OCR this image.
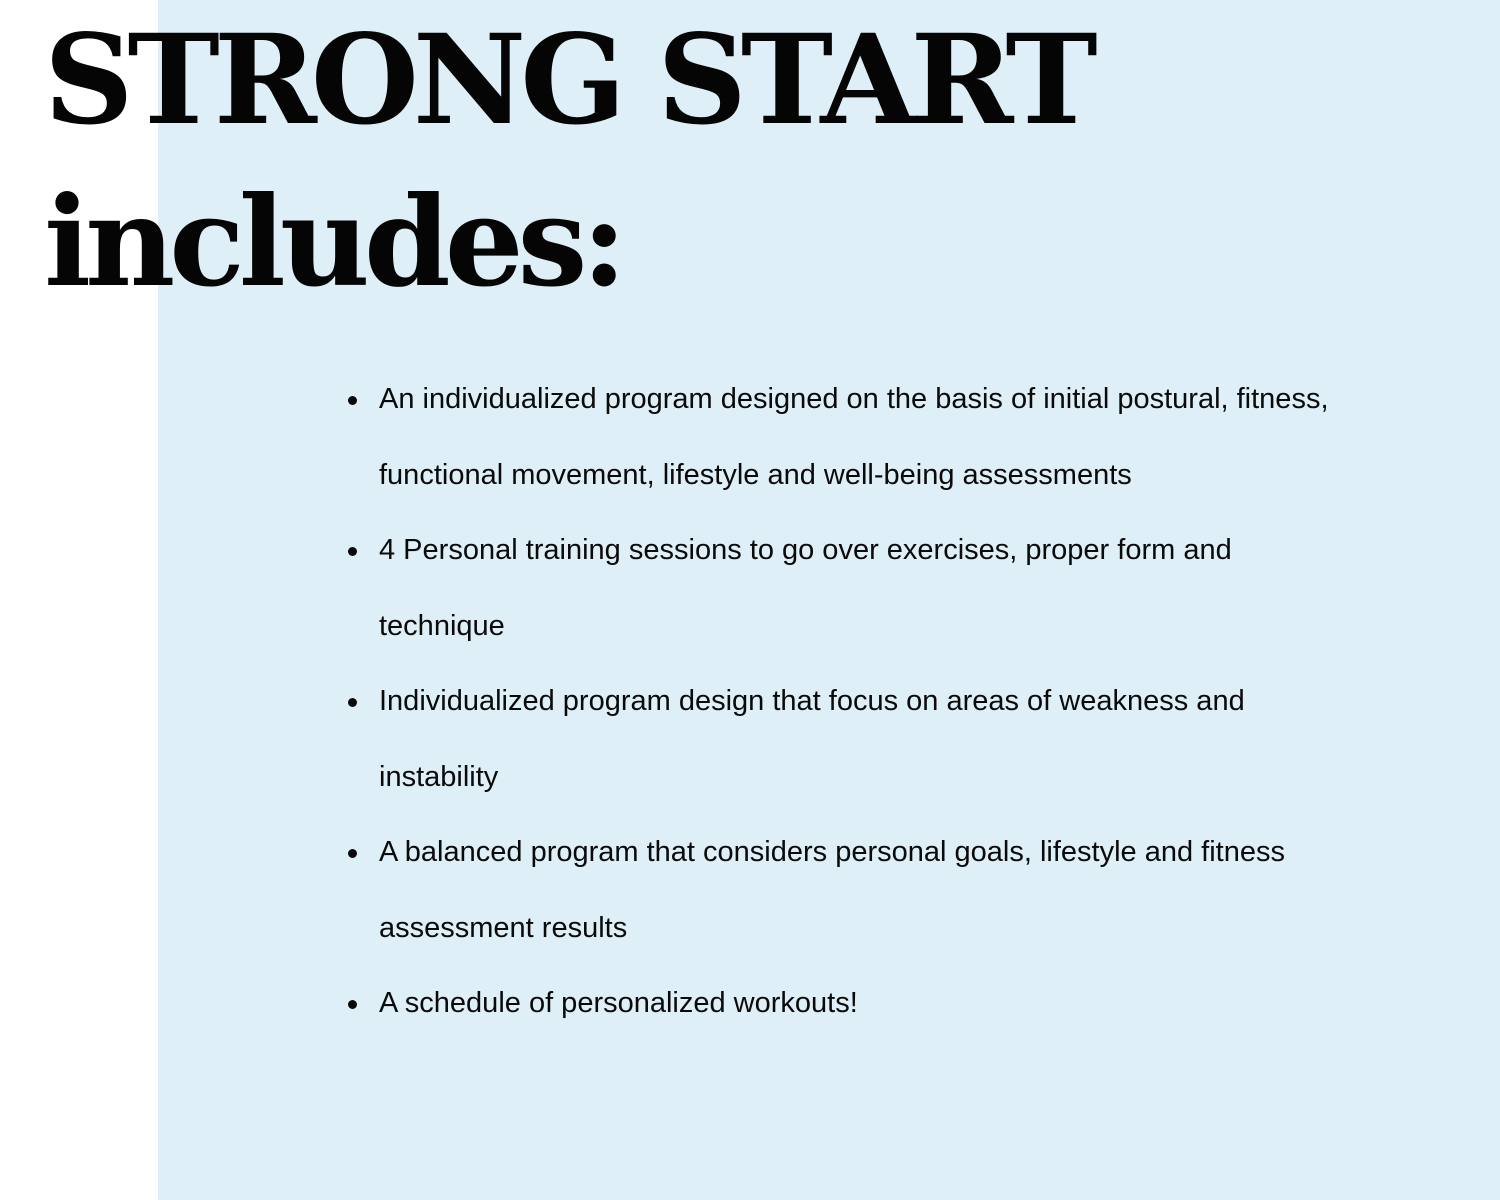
STRONG START
includes:
An individualized program designed on the basis of initial postural, fitness, functional movement, lifestyle and well-being assessments
4 Personal training sessions to go over exercises, proper form and technique
Individualized program design that focus on areas of weakness and instability
A balanced program that considers personal goals, lifestyle and fitness assessment results
A schedule of personalized workouts!
